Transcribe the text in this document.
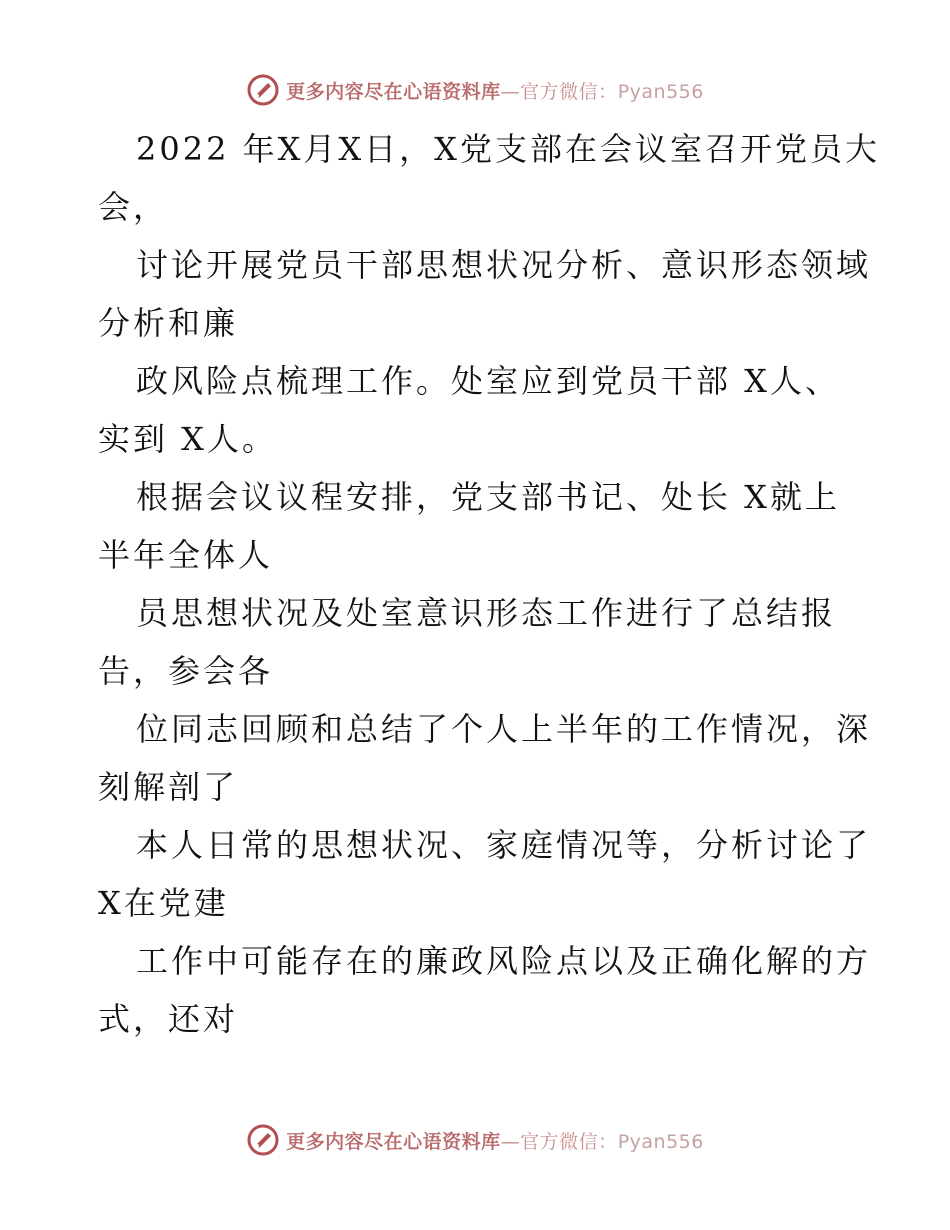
更多内容尽在心语资料库—官方微信：Pyan556
2022 年X月X日，X党支部在会议室召开党员大
会，
讨论开展党员干部思想状况分析、意识形态领域
分析和廉
政风险点梳理工作。处室应到党员干部 X人、
实到 X人。
根据会议议程安排，党支部书记、处长 X就上
半年全体人
员思想状况及处室意识形态工作进行了总结报
告，参会各
位同志回顾和总结了个人上半年的工作情况，深
刻解剖了
本人日常的思想状况、家庭情况等，分析讨论了
X在党建
工作中可能存在的廉政风险点以及正确化解的方
式，还对
更多内容尽在心语资料库—官方微信：Pyan556
